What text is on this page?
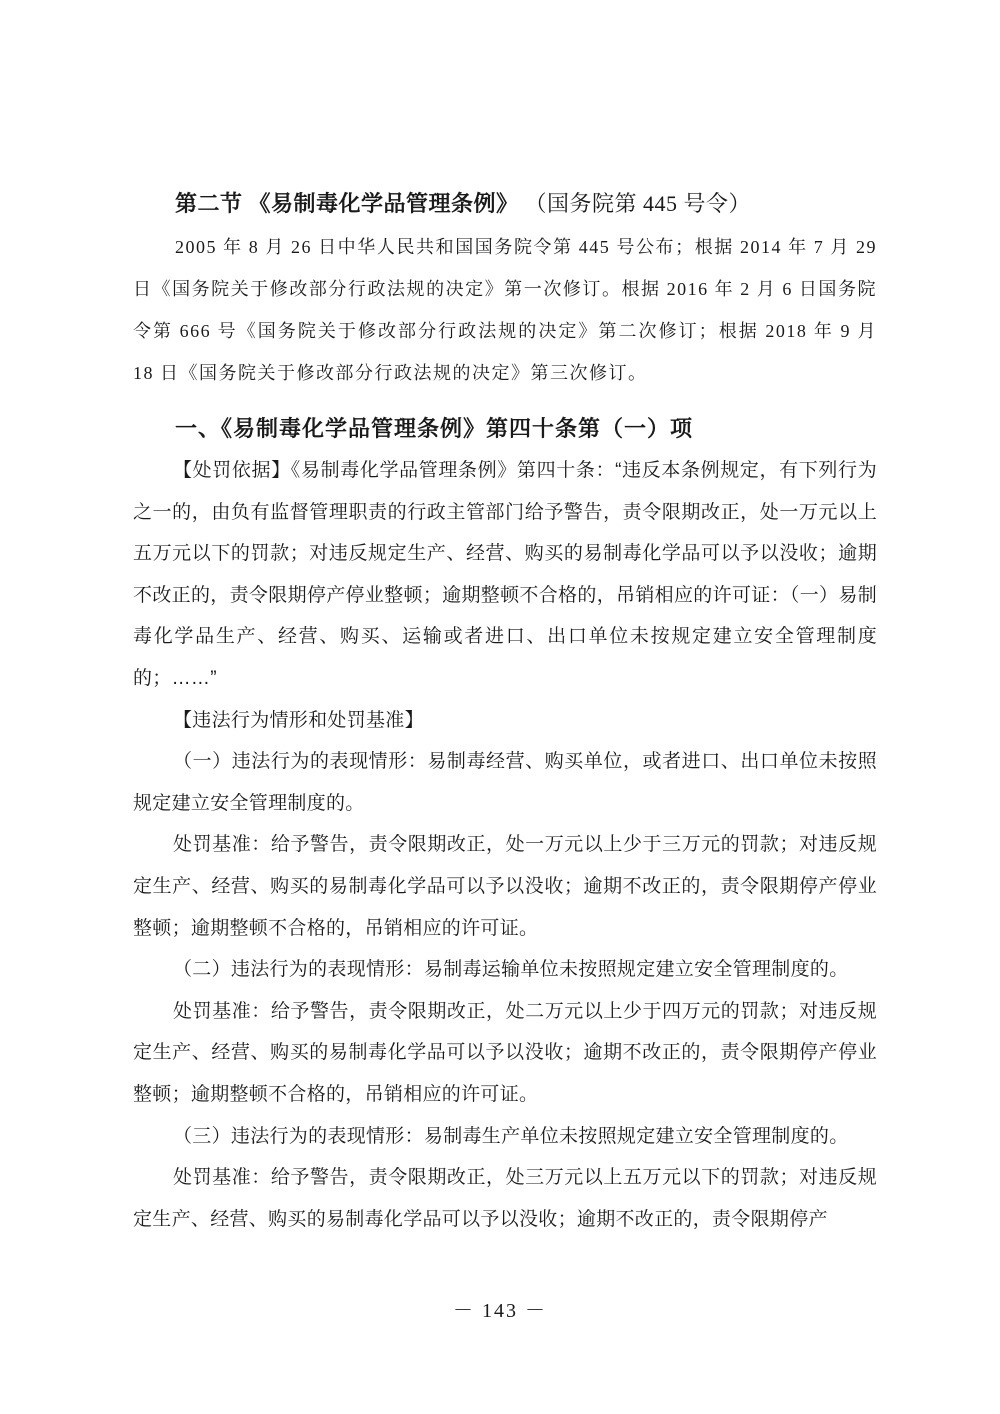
第二节 《易制毒化学品管理条例》 （国务院第 445 号令）

2005 年 8 月 26 日中华人民共和国国务院令第 445 号公布；根据 2014 年 7 月 29 日《国务院关于修改部分行政法规的决定》第一次修订。根据 2016 年 2 月 6 日国务院令第 666 号《国务院关于修改部分行政法规的决定》第二次修订；根据 2018 年 9 月 18 日《国务院关于修改部分行政法规的决定》第三次修订。

一、《易制毒化学品管理条例》第四十条第（一）项

【处罚依据】《易制毒化学品管理条例》第四十条：“违反本条例规定，有下列行为之一的，由负有监督管理职责的行政主管部门给予警告，责令限期改正，处一万元以上五万元以下的罚款；对违反规定生产、经营、购买的易制毒化学品可以予以没收；逾期不改正的，责令限期停产停业整顿；逾期整顿不合格的，吊销相应的许可证：（一）易制毒化学品生产、经营、购买、运输或者进口、出口单位未按规定建立安全管理制度的；……”

【违法行为情形和处罚基准】

（一）违法行为的表现情形：易制毒经营、购买单位，或者进口、出口单位未按照规定建立安全管理制度的。

处罚基准：给予警告，责令限期改正，处一万元以上少于三万元的罚款；对违反规定生产、经营、购买的易制毒化学品可以予以没收；逾期不改正的，责令限期停产停业整顿；逾期整顿不合格的，吊销相应的许可证。

（二）违法行为的表现情形：易制毒运输单位未按照规定建立安全管理制度的。

处罚基准：给予警告，责令限期改正，处二万元以上少于四万元的罚款；对违反规定生产、经营、购买的易制毒化学品可以予以没收；逾期不改正的，责令限期停产停业整顿；逾期整顿不合格的，吊销相应的许可证。

（三）违法行为的表现情形：易制毒生产单位未按照规定建立安全管理制度的。

处罚基准：给予警告，责令限期改正，处三万元以上五万元以下的罚款；对违反规定生产、经营、购买的易制毒化学品可以予以没收；逾期不改正的，责令限期停产

－ 143 －
